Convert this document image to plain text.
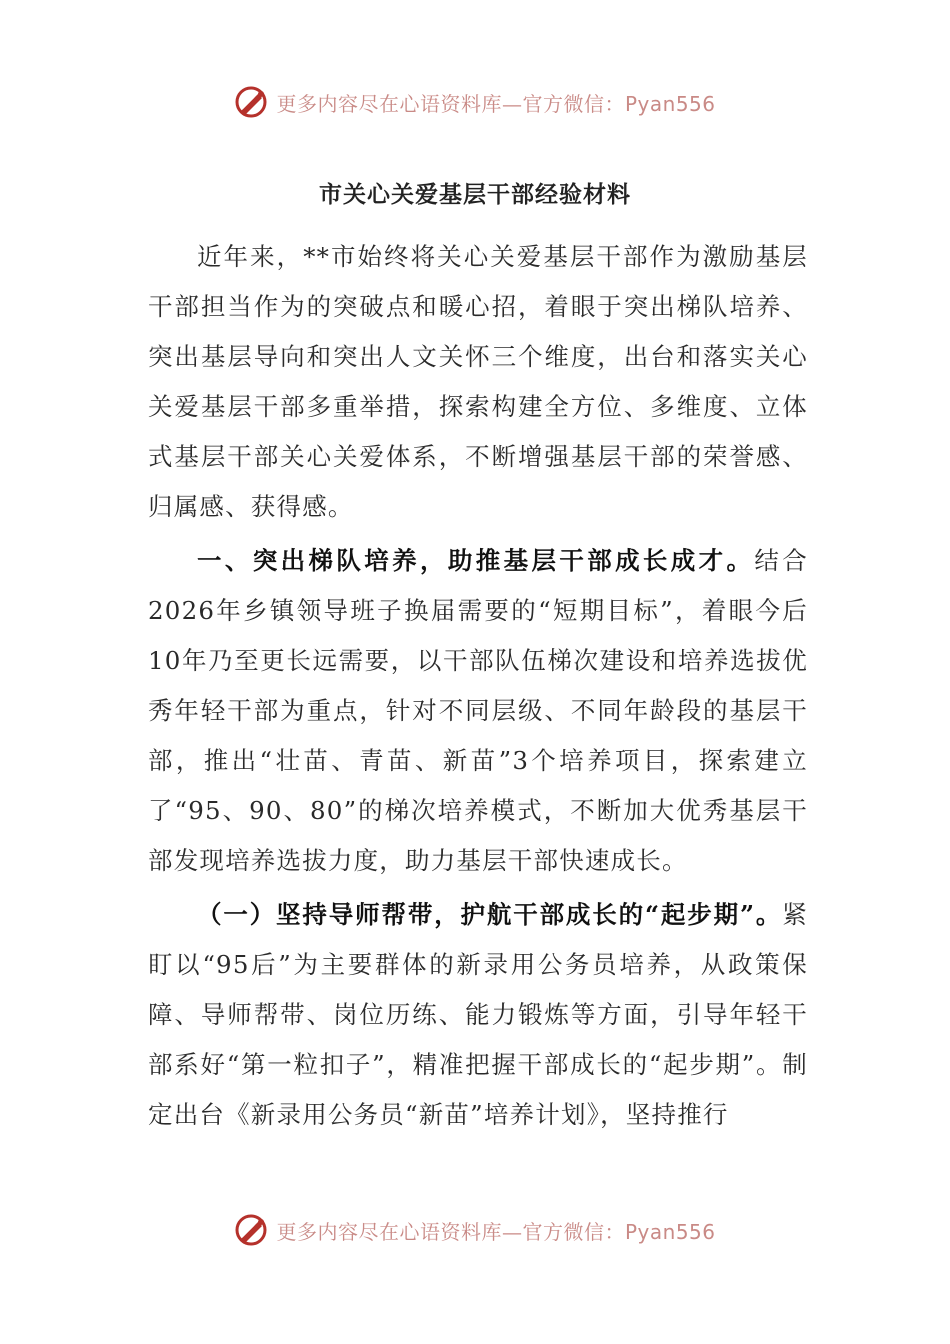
更多内容尽在心语资料库—官方微信：Pyan556
市关心关爱基层干部经验材料

近年来，**市始终将关心关爱基层干部作为激励基层干部担当作为的突破点和暖心招，着眼于突出梯队培养、突出基层导向和突出人文关怀三个维度，出台和落实关心关爱基层干部多重举措，探索构建全方位、多维度、立体式基层干部关心关爱体系，不断增强基层干部的荣誉感、归属感、获得感。

一、突出梯队培养，助推基层干部成长成才。结合2026年乡镇领导班子换届需要的“短期目标”，着眼今后10年乃至更长远需要，以干部队伍梯次建设和培养选拔优秀年轻干部为重点，针对不同层级、不同年龄段的基层干部，推出“壮苗、青苗、新苗”3个培养项目，探索建立了“95、90、80”的梯次培养模式，不断加大优秀基层干部发现培养选拔力度，助力基层干部快速成长。

（一）坚持导师帮带，护航干部成长的“起步期”。紧盯以“95后”为主要群体的新录用公务员培养，从政策保障、导师帮带、岗位历练、能力锻炼等方面，引导年轻干部系好“第一粒扣子”，精准把握干部成长的“起步期”。制定出台《新录用公务员“新苗”培养计划》，坚持推行

更多内容尽在心语资料库—官方微信：Pyan556
